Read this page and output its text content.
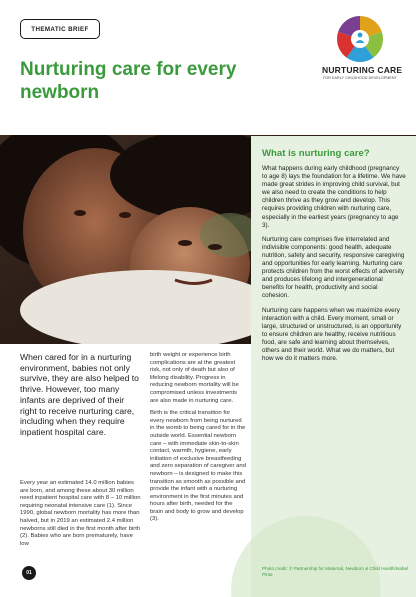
THEMATIC BRIEF
NURTURING CARE
FOR EARLY CHILDHOOD DEVELOPMENT
Nurturing care for every newborn
What is nurturing care?

What happens during early childhood (pregnancy to age 8) lays the foundation for a lifetime. We have made great strides in improving child survival, but we also need to create the conditions to help children thrive as they grow and develop. This requires providing children with nurturing care, especially in the earliest years (pregnancy to age 3).

Nurturing care comprises five interrelated and indivisible components: good health, adequate nutrition, safety and security, responsive caregiving and opportunities for early learning. Nurturing care protects children from the worst effects of adversity and produces lifelong and intergenerational benefits for health, productivity and social cohesion.

Nurturing care happens when we maximize every interaction with a child. Every moment, small or large, structured or unstructured, is an opportunity to ensure children are healthy, receive nutritious food, are safe and learning about themselves, others and their world. What we do matters, but how we do it matters more.

Photo credit: © Partnership for Maternal, Newborn & Child Health/Isabel Pinto
When cared for in a nurturing environment, babies not only survive, they are also helped to thrive. However, too many infants are deprived of their right to receive nurturing care, including when they require inpatient hospital care.
Every year an estimated 14.0 million babies are born, and among these about 30 million need inpatient hospital care with 8 – 10 million requiring neonatal intensive care (1). Since 1990, global newborn mortality has more than halved, but in 2019 an estimated 2.4 million newborns still died in the first month after birth (2). Babies who are born prematurely, have low

birth weight or experience birth complications are at the greatest risk, not only of death but also of lifelong disability. Progress in reducing newborn mortality will be compromised unless investments are also made in nurturing care.

Birth is the critical transition for every newborn from being nurtured in the womb to being cared for in the outside world. Essential newborn care – with immediate skin-to-skin contact, warmth, hygiene, early initiation of exclusive breastfeeding and zero separation of caregiver and newborn – is designed to make this transition as smooth as possible and provide the infant with a nurturing environment in the first minutes and hours after birth, needed for the brain and body to grow and develop (3).

01
